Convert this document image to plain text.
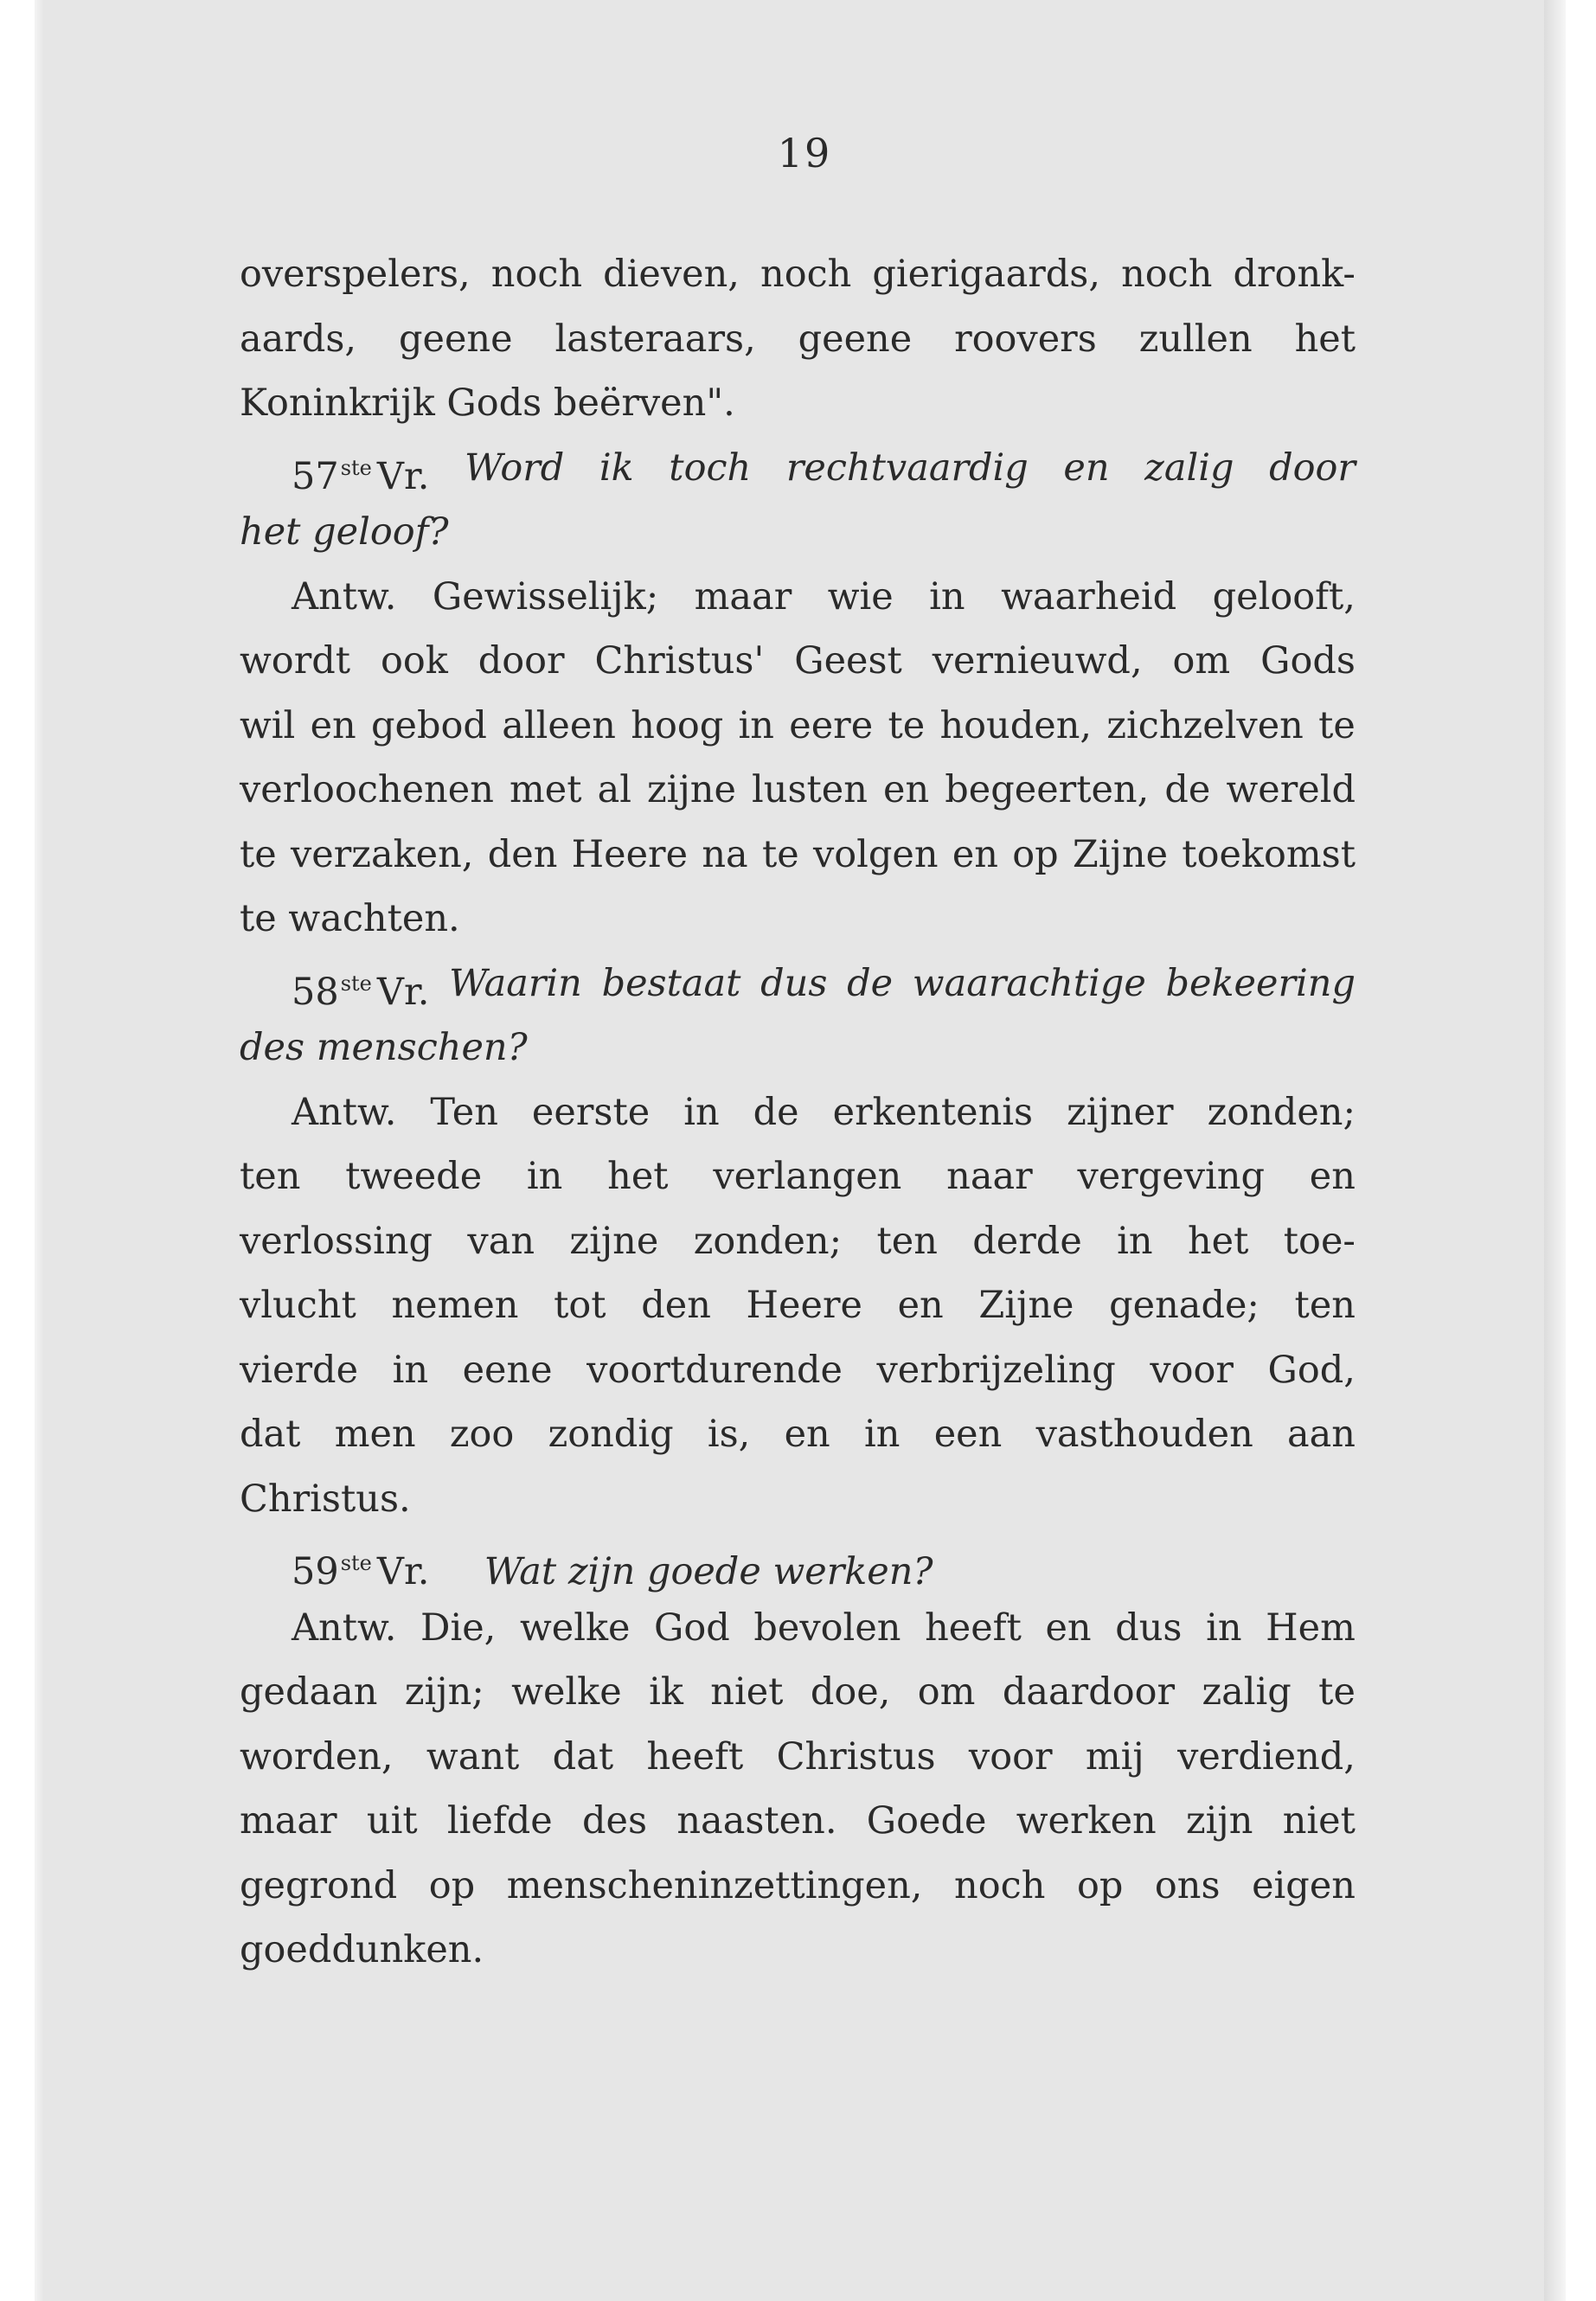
19
overspelers, noch dieven, noch gierigaards, noch dronk-
aards, geene lasteraars, geene roovers zullen het
Koninkrijk Gods beërven".
57ste Vr. Word ik toch rechtvaardig en zalig door
het geloof?
Antw. Gewisselijk; maar wie in waarheid gelooft,
wordt ook door Christus' Geest vernieuwd, om Gods
wil en gebod alleen hoog in eere te houden, zichzelven te
verloochenen met al zijne lusten en begeerten, de wereld
te verzaken, den Heere na te volgen en op Zijne toekomst
te wachten.
58ste Vr. Waarin bestaat dus de waarachtige bekeering
des menschen?
Antw. Ten eerste in de erkentenis zijner zonden;
ten tweede in het verlangen naar vergeving en
verlossing van zijne zonden; ten derde in het toe-
vlucht nemen tot den Heere en Zijne genade; ten
vierde in eene voortdurende verbrijzeling voor God,
dat men zoo zondig is, en in een vasthouden aan
Christus.
59ste Vr. Wat zijn goede werken?
Antw. Die, welke God bevolen heeft en dus in Hem
gedaan zijn; welke ik niet doe, om daardoor zalig te
worden, want dat heeft Christus voor mij verdiend,
maar uit liefde des naasten. Goede werken zijn niet
gegrond op menscheninzettingen, noch op ons eigen
goeddunken.
